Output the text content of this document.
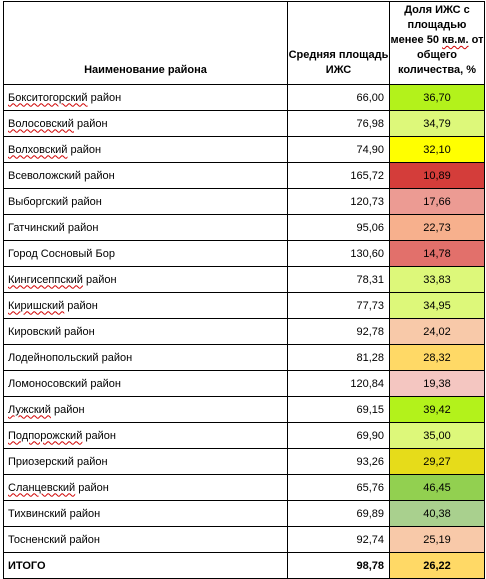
Наименование района	Средняя площадь ИЖС	Доля ИЖС с площадью менее 50 кв.м. от общего количества, %
Бокситогорский район	66,00	36,70
Волосовский район	76,98	34,79
Волховский район	74,90	32,10
Всеволожский район	165,72	10,89
Выборгский район	120,73	17,66
Гатчинский район	95,06	22,73
Город Сосновый Бор	130,60	14,78
Кингисеппский район	78,31	33,83
Киришский район	77,73	34,95
Кировский район	92,78	24,02
Лодейнопольский район	81,28	28,32
Ломоносовский район	120,84	19,38
Лужский район	69,15	39,42
Подпорожский район	69,90	35,00
Приозерский район	93,26	29,27
Сланцевский район	65,76	46,45
Тихвинский район	69,89	40,38
Тосненский район	92,74	25,19
ИТОГО	98,78	26,22
